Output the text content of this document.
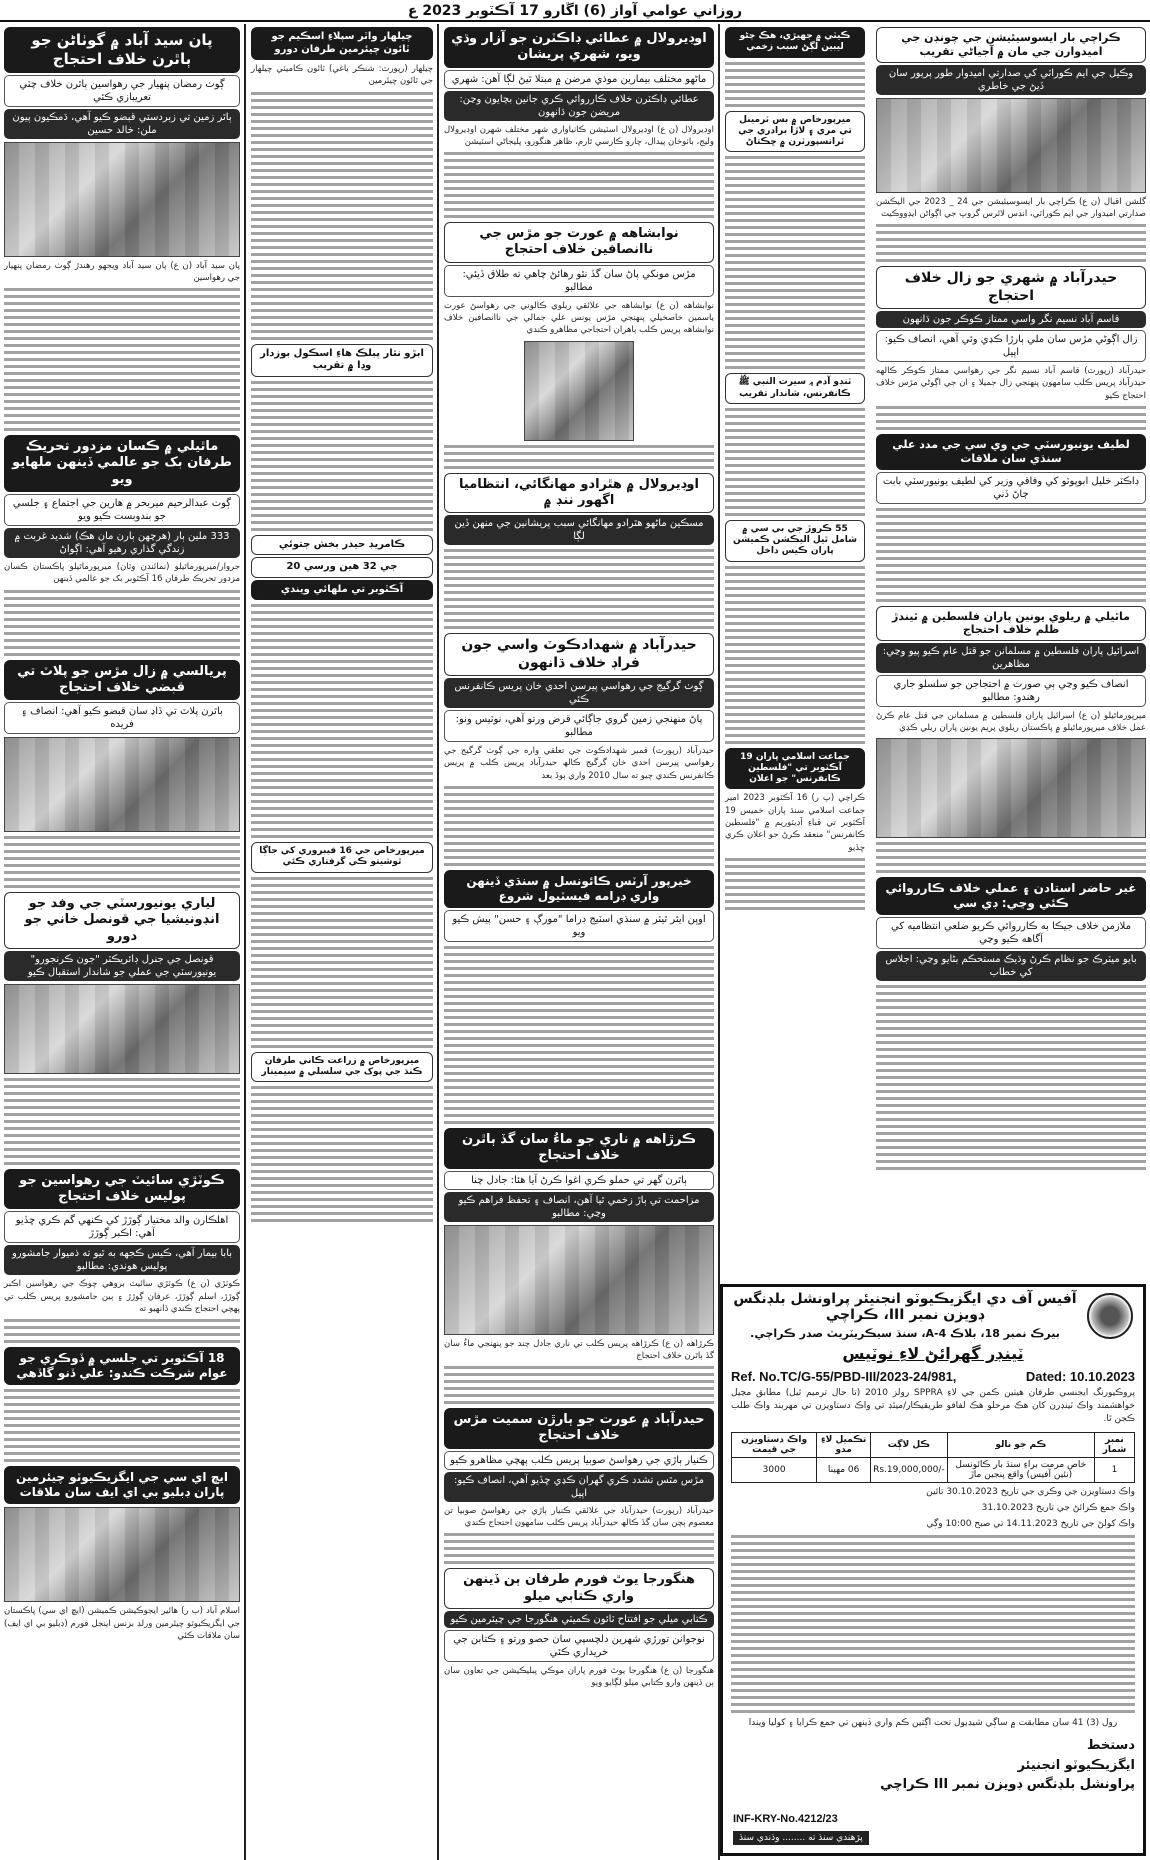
روزاني عوامي آواز (6) اڱارو 17 آڪٽوبر 2023 ع
پان سيد آباد ۾ گوٺاڻن جو ٻاٿرن خلاف احتجاج
ڳوٺ رمضان پنهيار جي رهواسين ٻاٿرن خلاف چٽي تعريبازي ڪئي
ٻاٿر زمين تي زبردستي قبضو ڪيو آهي، ڌمڪيون پيون ملن: خالد حسين
پان سيد آباد (ن ع) پان سيد آباد ويجهو رهندڙ ڳوٺ رمضان پنهيار جي رهواسين
ماٿيلي ۾ ڪسان مزدور تحريڪ طرفان بک جو عالمي ڏينهن ملهايو ويو
ڳوٺ عبدالرحيم ميربحر ۾ هارين جي اجتماع ۽ جلسي جو بندوبست ڪيو ويو
333 ملين ٻار (هرچهن ٻارن مان هڪ) شديد غربت ۾ زندگي گذاري رهيو آهي: اڳواڻ
جروار/ميرپورماٿيلو (نمائندن وٽان) ميرپورماٿيلو پاڪستان ڪسان مزدور تحريڪ طرفان 16 آڪٽوبر بک جو عالمي ڏينهن
پريالسي ۾ زال مڙس جو پلاٽ تي قبضي خلاف احتجاج
باٿرن پلاٽ تي ڏاڍ سان قبضو ڪيو آهي: انصاف ۽ فريده
لياري يونيورسٽي جي وفد جو انڊونيشيا جي قونصل خاني جو دورو
قونصل جي جنرل ڊائريڪٽر "جون ڪرنجورو" يونيورسٽي جي عملي جو شاندار استقبال ڪيو
ڪوٽڙي سائيٽ جي رهواسين جو پوليس خلاف احتجاج
اهلڪارن والد مختيار ڳوڙڙ کي ڪنهي گم ڪري ڇڏيو آهي: اڪبر ڳوڙڙ
بابا بيمار آهي، ڪيس ڪجهه به ٿيو ته ذميوار جامشورو پوليس هوندي: مطالبو
ڪوٽڙي (ن ع) ڪوٽڙي سائيٽ بروهي چوڪ جي رهواسين اڪبر ڳوڙڙ، اسلم ڳوڙڙ، عرفان ڳوڙڙ ۽ ٻين جامشورو پريس ڪلب تي پهچي احتجاج ڪندي ڏانهيو ته
18 آڪٽوبر تي جلسي ۾ ڏوڪري جو عوام شرڪت ڪندو: علي ڏنو گاڏهي
ايڇ اي سي جي ايگزيڪيوٽو چيئرمين پاران ڊبليو بي اي ايف سان ملاقات
اسلام آباد (ب ر) هائير ايجوڪيشن ڪميشن (ايڇ اي سي) پاڪستان جي ايگزيڪيوٽو چيئرمين ورلڊ بزنس اينجل فورم (ڊبليو بي اي ايف) سان ملاقات ڪئي
چيلهار واٽر سپلاءِ اسڪيم جو ٽائون چيئرمين طرفان دورو
چيلهار (رپورٽ: شنڪر باغي) ٽائون ڪاميٽي چيلهار جي ٽائون چيئرمين
ابڙو نثار پبلڪ هاءِ اسڪول بوزدار وڍا ۾ تقريب
ڪامريڊ حيدر بخش جتوئي
جي 32 هين ورسي 20
آڪٽوبر تي ملهائي ويندي
ميرپورخاص جي 16 فيبروري کي جاڳا ٿوشيتو ڪي گرفتاري ڪئي
ميرپورخاص ۾ زراعت ڪاني طرفان ڪنڌ جي پوک جي سلسلي ۾ سيمينار
اوڊيرولال ۾ عطائي ڊاڪٽرن جو آزار وڌي ويو، شهري پريشان
ماڻهو مختلف بيمارين موذي مرضن ۾ مبتلا ٿيڻ لڳا آهن: شهري
عطائي ڊاڪٽرن خلاف ڪارروائي ڪري جانين بچايون وڃن: مريضن جون ڌانهون
اوڊيرولال (ن ع) اوڊيرولال اسٽيشن ڪاٺياواري شهر مختلف شهرن اوڊيرولال وليج، باٺوخان پيدال، چارو ڪارسي ٿارم، ظاهر هنگورو، پليجاڻي اسٽيشن
نوابشاهه ۾ عورت جو مڙس جي ناانصافين خلاف احتجاج
مڙس مونکي پاڻ سان گڏ نٿو رهائڻ چاهي ته طلاق ڏيئي: مطالبو
نوابشاهه (ن ع) نوابشاهه جي علائقي ريلوي ڪالوني جي رهواسڻ عورت ياسمين خاصخيلي پنهنجي مڙس يونس علي جمالي جي ناانصافين خلاف نوابشاهه پريس ڪلب ٻاهران احتجاجي مظاهرو ڪندي
اوڊيرولال ۾ هٿرادو مهانگائي، انتظاميا اگهور ننڊ ۾
مسڪين ماڻهو هٿرادو مهانگائي سبب پريشانين جي منهن ڏين لڳا
حيدرآباد ۾ شهدادڪوٽ واسي جون فراڊ خلاف ڌانهون
ڳوٺ گرگيج جي رهواسي پيرسن احدي خان پريس ڪانفرنس ڪئي
پاڻ منهنجي زمين گروي جاڳائي قرض ورتو آهي، نوٽيس ونو: مطالبو
حيدرآباد (رپورٽ) قمبر شهدادڪوٽ جي تعلقي واره جي ڳوٺ گرگيج جي رهواسي پيرسن احدي خان گرگيج ڪالھ حيدرآباد پريس ڪلب ۾ پريس ڪانفرنس ڪندي چيو ته سال 2010 واري ٻوڏ بعد
خيرپور آرٽس ڪائونسل ۾ سنڌي ڏينهن واري ڊرامه فيسٽيول شروع
اوپن ايئر ٿيٽر ۾ سنڌي اسٽيج ڊراما "مورڳ ۽ حسن" پيش ڪيو ويو
ڪرڙاهه ۾ ناري جو ماءُ سان گڏ ٻاٿرن خلاف احتجاج
ٻاٿرن گهر تي حملو ڪري اغوا ڪرڻ آيا هئا: جادل چنا
مزاحمت تي ٻاڙ زخمي ٿيا آهن، انصاف ۽ تحفظ فراهم ڪيو وڃي: مطالبو
ڪرڙاهه (ن ع) ڪرڙاهه پريس ڪلب تي ناري جادل چند جو پنهنجي ماءُ سان گڏ ٻاٿرن خلاف احتجاج
حيدرآباد ۾ عورت جو ٻارڙن سميت مڙس خلاف احتجاج
ڪنيار ٻاڙي جي رهواسڻ صوبيا پريس ڪلب پهچي مظاهرو ڪيو
مڙس مٿس تشدد ڪري گهران ڪڍي ڇڏيو آهي، انصاف ڪيو: اپيل
حيدرآباد (رپورٽ) حيدرآباد جي علائقي ڪنيار ٻاڙي جي رهواسڻ صوبيا تن معصوم ٻچن سان گڏ ڪالھ حيدرآباد پريس ڪلب سامهون احتجاج ڪندي
هنگورجا يوٿ فورم طرفان ٻن ڏينهن واري ڪتابي ميلو
ڪتابي ميلي جو افتتاح ٽائون ڪميٽي هنگورجا جي چيئرمين ڪيو
نوجوانن تورڙي شهرين دلچسپي سان حصو ورتو ۽ ڪتابن جي خريداري ڪئي
هنگورجا (ن ع) هنگورجا يوٿ فورم پاران موڪي پبليڪيشن جي تعاون سان ٻن ڏينهن وارو ڪتابي ميلو لڳايو ويو
ڪيٽي ۾ جهيڙي، هڪ ڄڻو ليبين لڳڻ سبب زخمي
ميرپورخاص ۾ بس ٽرمينل تي مري ۽ لاڙا برادري جي ٽرانسپورٽرن ۾ ڇڪتاڻ
ٽنڊو آدم ۾ سيرت النبي ﷺ ڪانفرنس، شاندار تقريب
55 ڪروڙ جي بي سي ۾ شامل ٿيل اليڪشن ڪميشن پاران ڪيس داخل
جماعت اسلامي پاران 19 آڪٽوبر تي "فلسطين ڪانفرنس" جو اعلان
ڪراچي (پ ر) 16 آڪٽوبر 2023 امير جماعت اسلامي سنڌ پاران خميس 19 آڪٽوبر تي قباءِ آڊيٽوريم ۾ "فلسطين ڪانفرنس" منعقد ڪرڻ جو اعلان ڪري ڇڏيو
ڪراچي بار ايسوسيئيشن جي چونڊن جي اميدوارن جي مان ۾ آجياڻي تقريب
وڪيل جي ايم ڪوراٽي کي صدارتي اميدوار طور پريور سان ڏيڻ جي خاطري
گلشن اقبال (ن ع) ڪراچي بار ايسوسيئيشن جي 24 _ 2023 جي اليڪشن صدارتي اميدوار جي ايم ڪوراٽي، انڊس لائرس گروپ جي اڳواڻن ايڊووڪيٽ
حيدرآباد ۾ شهري جو زال خلاف احتجاج
قاسم آباد نسيم نگر واسي ممتاز ڪوڪر جون ڌانهون
زال اڳوڻي مڙس سان ملي ٻارڙا ڪڍي وئي آهي، انصاف ڪيو: اپيل
حيدرآباد (رپورٽ) قاسم آباد نسيم نگر جي رهواسي ممتاز ڪوڪر ڪالهه حيدرآباد پريس ڪلب سامهون پنهنجي زال جميلا ۽ ان جي اڳوڻي مڙس خلاف احتجاج ڪيو
لطيف يونيورسٽي جي وي سي جي مدد علي سنڌي سان ملاقات
ڊاڪٽر خليل ابوپوٽو کي وفاقي وزير کي لطيف يونيورسٽي بابت ڄاڻ ڏني
ماٿيلي ۾ ريلوي يونين پاران فلسطين ۾ ٿيندڙ ظلم خلاف احتجاج
اسرائيل پاران فلسطين ۾ مسلمانن جو قتل عام ڪيو پيو وڃي: مظاهرين
انصاف ڪيو وڃي ٻي صورت ۾ احتجاجن جو سلسلو جاري رهندو: مطالبو
ميرپورماٿيلو (ن ع) اسرائيل پاران فلسطين ۾ مسلمانن جي قتل عام ڪرڻ عمل خلاف ميرپورماٿيلو ۾ پاڪستان ريلوي پريم يونين پاران ريلي ڪڍي
غير حاضر استادن ۽ عملي خلاف ڪارروائي ڪئي وڃي: ڊي سي
ملازمن خلاف جيڪا به ڪارروائي ڪريو ضلعي انتظاميه کي آگاهه ڪيو وڃي
بايو ميٽرڪ جو نظام ڪرڻ وڌيڪ مستحڪم بڻايو وڃي: اجلاس کي خطاب
آفيس آف دي ايگزيڪيوٽو انجنيئر پراونشل بلڊنگس ڊويزن نمبر III، ڪراچي
بيرڪ نمبر 18، بلاڪ A-4، سنڌ سيڪريٽريٽ صدر ڪراچي.
ٽينڊر گهرائڻ لاءِ نوٽيس
Ref. No.TC/G-55/PBD-III/2023-24/981,	Dated: 10.10.2023
پروڪيورنگ ايجنسي طرفان هيٺين ڪمن جي لاءِ SPPRA رولز 2010 (تا حال ترميم ٿيل) مطابق مڃيل خواهشمند واڪ ٽينڊرن کان هڪ مرحلو هڪ لفافو طريقيڪار/ميٿڊ تي واڪ دستاويزن تي مهربند واڪ طلب ڪجن ٿا.
نمبر شمار	ڪم جو نالو	ڪل لاڳت	تڪميل لاءِ مدو	واڪ دستاويزن جي قيمت
1	خاص مرمت براءِ سنڌ بار ڪائونسل (نئين آفيس) واقع پنجين ماڙ	Rs.19,000,000/-	06 مهينا	3000
واڪ دستاويزن جي وڪري جي تاريخ 30.10.2023 تائين
واڪ جمع ڪرائڻ جي تاريخ 31.10.2023
واڪ کولڻ جي تاريخ 14.11.2023 تي صبح 10:00 وڳي
رول (3) 41 سان مطابقت ۾ ساڳي شيڊيول تحت اڳتين ڪم واري ڏينهن تي جمع ڪرايا ۽ کوليا ويندا
دستخط
ايگزيڪيوٽو انجنيئر
پراونشل بلڊنگس ڊويزن نمبر III ڪراچي
INF-KRY-No.4212/23
پڙهندي سنڌ ته ........ وڌندي سنڌ
